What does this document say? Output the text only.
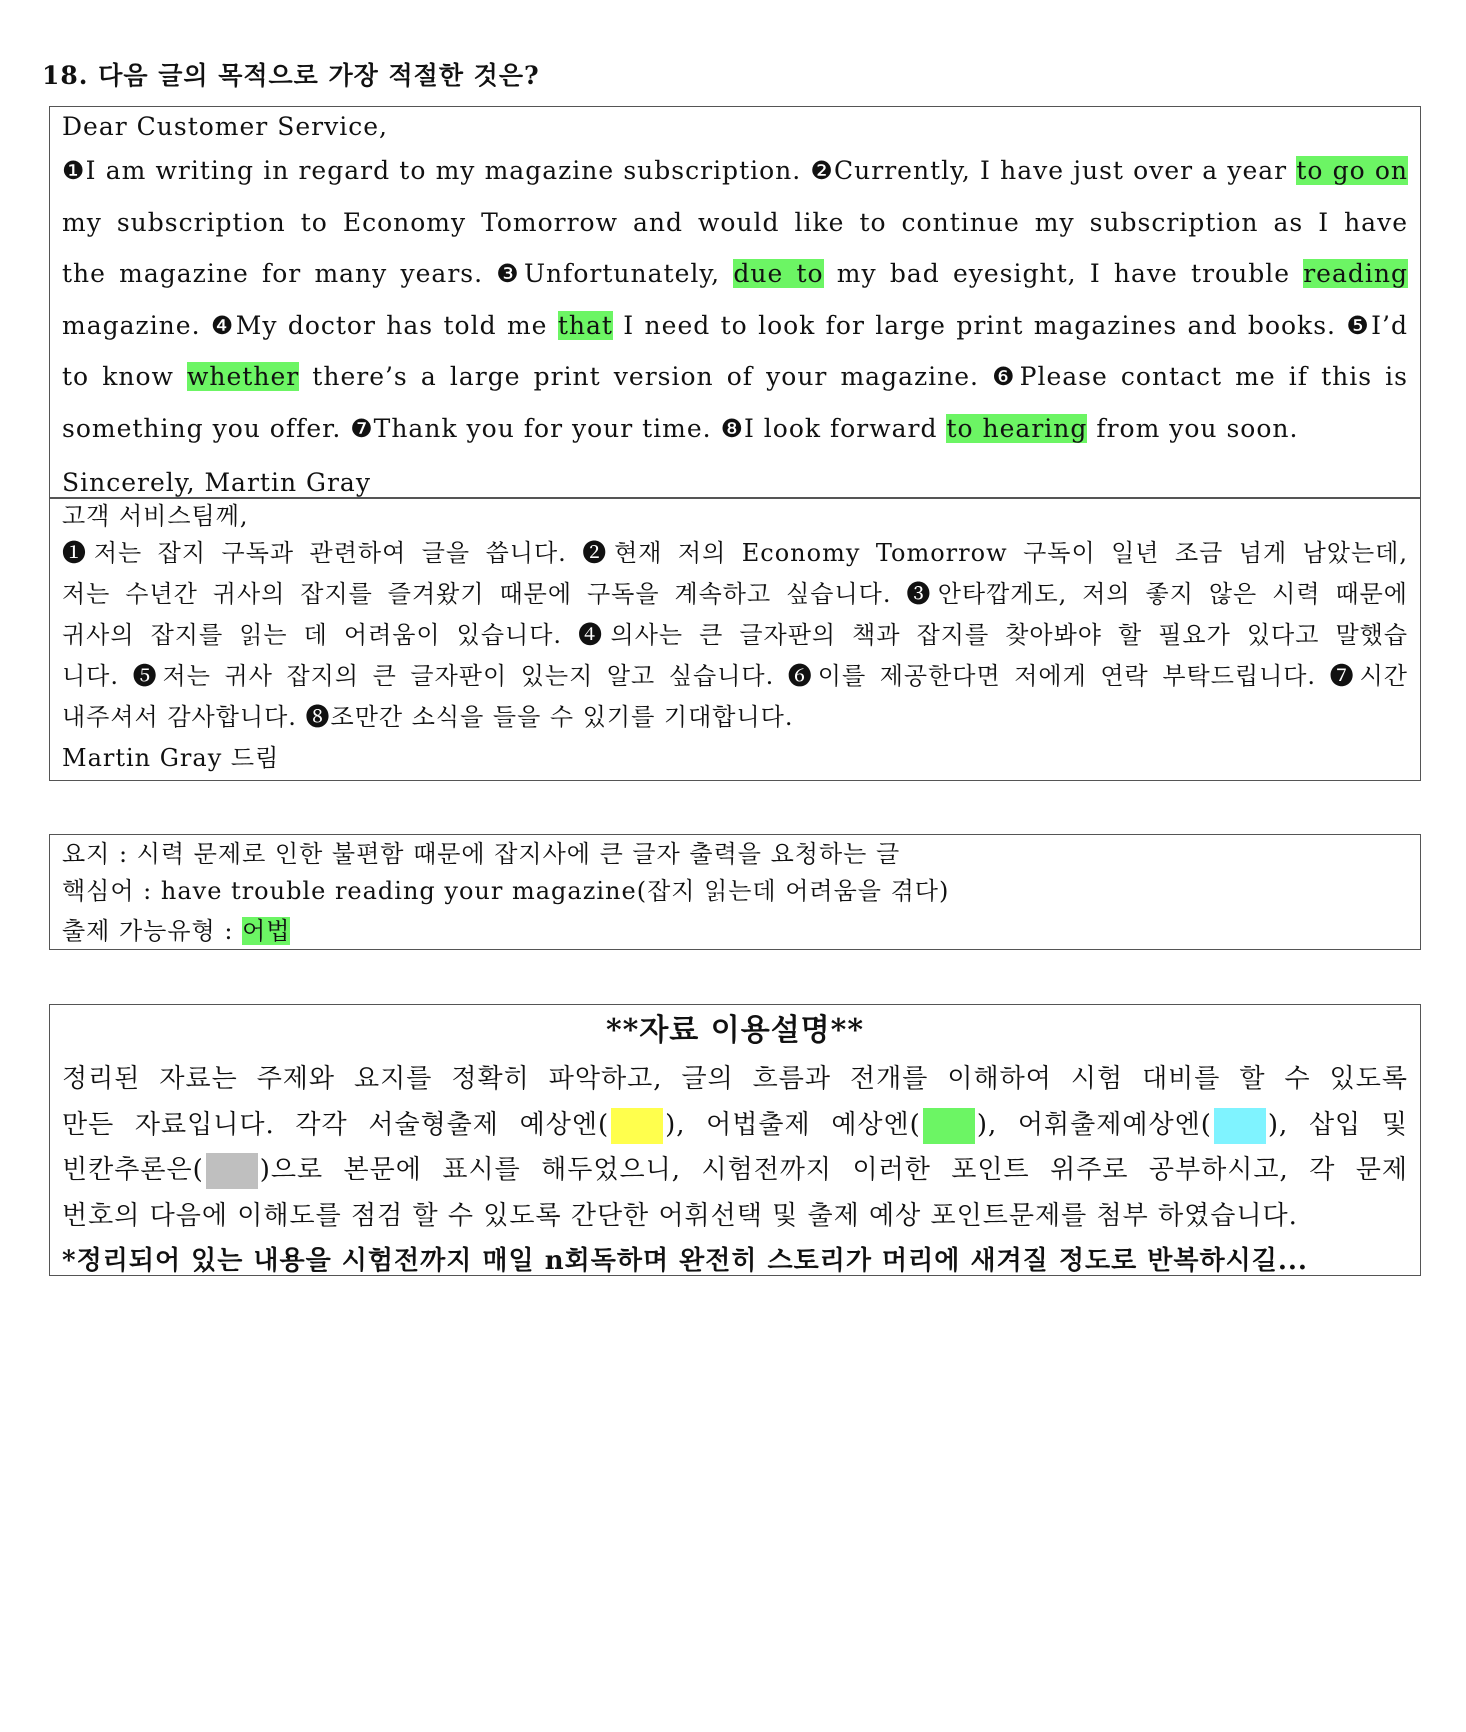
18. 다음 글의 목적으로 가장 적절한 것은?
Dear Customer Service,
❶I am writing in regard to my magazine subscription. ❷Currently, I have just over a year to go on
my subscription to Economy Tomorrow and would like to continue my subscription as I have
the magazine for many years. ❸Unfortunately, due to my bad eyesight, I have trouble reading
magazine. ❹My doctor has told me that I need to look for large print magazines and books. ❺I’d
to know whether there’s a large print version of your magazine. ❻Please contact me if this is
something you offer. ❼Thank you for your time. ❽I look forward to hearing from you soon.
Sincerely, Martin Gray
고객 서비스팀께,
❶저는 잡지 구독과 관련하여 글을 씁니다. ❷현재 저의 Economy Tomorrow 구독이 일년 조금 넘게 남았는데,
저는 수년간 귀사의 잡지를 즐겨왔기 때문에 구독을 계속하고 싶습니다. ❸안타깝게도, 저의 좋지 않은 시력 때문에
귀사의 잡지를 읽는 데 어려움이 있습니다. ❹의사는 큰 글자판의 책과 잡지를 찾아봐야 할 필요가 있다고 말했습
니다. ❺저는 귀사 잡지의 큰 글자판이 있는지 알고 싶습니다. ❻이를 제공한다면 저에게 연락 부탁드립니다. ❼시간
내주셔서 감사합니다. ❽조만간 소식을 들을 수 있기를 기대합니다.
Martin Gray 드림
요지 : 시력 문제로 인한 불편함 때문에 잡지사에 큰 글자 출력을 요청하는 글
핵심어 : have trouble reading your magazine(잡지 읽는데 어려움을 겪다)
출제 가능유형 : 어법
**자료 이용설명**
정리된 자료는 주제와 요지를 정확히 파악하고, 글의 흐름과 전개를 이해하여 시험 대비를 할 수 있도록
만든 자료입니다. 각각 서술형출제 예상엔( ), 어법출제 예상엔( ), 어휘출제예상엔( ), 삽입 및
빈칸추론은( )으로 본문에 표시를 해두었으니, 시험전까지 이러한 포인트 위주로 공부하시고, 각 문제
번호의 다음에 이해도를 점검 할 수 있도록 간단한 어휘선택 및 출제 예상 포인트문제를 첨부 하였습니다.
*정리되어 있는 내용을 시험전까지 매일 n회독하며 완전히 스토리가 머리에 새겨질 정도로 반복하시길...
